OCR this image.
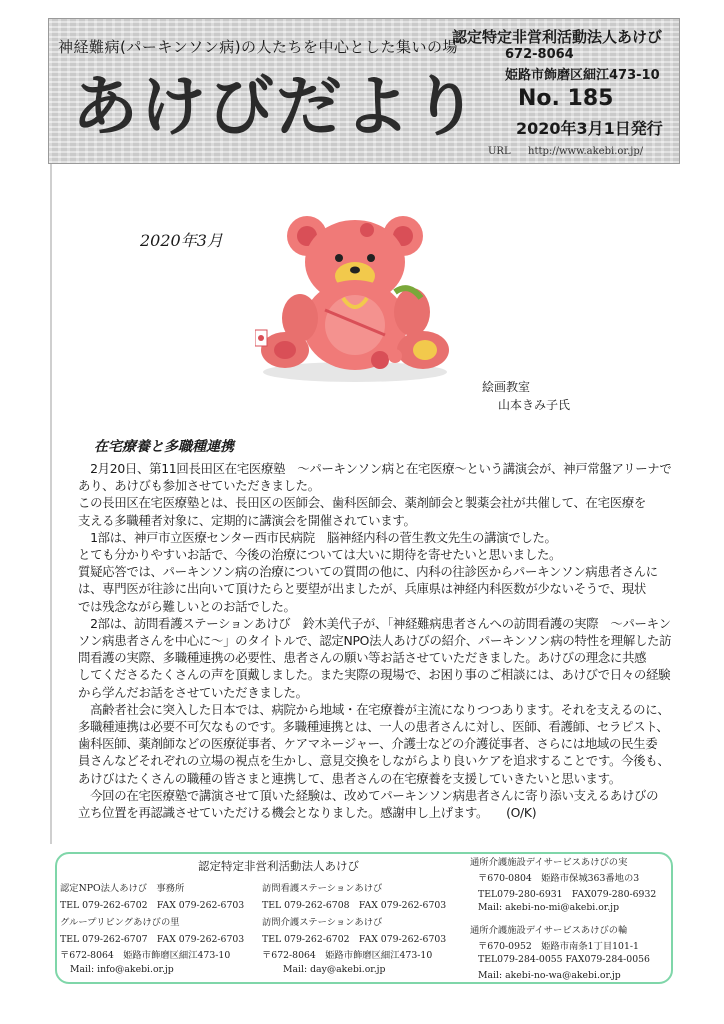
神経難病(パーキンソン病)の人たちを中心とした集いの場
認定特定非営利活動法人あけび
672-8064
姫路市飾磨区細江473-10
あけびだより No. 185
2020年3月1日発行
URL http://www.akebi.or.jp/
2020年3月
絵画教室
山本きみ子氏
在宅療養と多職種連携

　2月20日、第11回長田区在宅医療塾　～パーキンソン病と在宅医療～という講演会が、神戸常盤アリーナで

あり、あけびも参加させていただきました。

この長田区在宅医療塾とは、長田区の医師会、歯科医師会、薬剤師会と製薬会社が共催して、在宅医療を

支える多職種者対象に、定期的に講演会を開催されています。

　1部は、神戸市立医療センター西市民病院　脳神経内科の菅生教文先生の講演でした。

とても分かりやすいお話で、今後の治療については大いに期待を寄せたいと思いました。

質疑応答では、パーキンソン病の治療についての質問の他に、内科の往診医からパーキンソン病患者さんに

は、専門医が往診に出向いて頂けたらと要望が出ましたが、兵庫県は神経内科医数が少ないそうで、現状

では残念ながら難しいとのお話でした。

　2部は、訪問看護ステーションあけび　鈴木美代子が、「神経難病患者さんへの訪問看護の実際　～パーキン

ソン病患者さんを中心に～」のタイトルで、認定NPO法人あけびの紹介、パーキンソン病の特性を理解した訪

問看護の実際、多職種連携の必要性、患者さんの願い等お話させていただきました。あけびの理念に共感

してくださるたくさんの声を頂戴しました。また実際の現場で、お困り事のご相談には、あけびで日々の経験

から学んだお話をさせていただきました。

　高齢者社会に突入した日本では、病院から地域・在宅療養が主流になりつつあります。それを支えるのに、

多職種連携は必要不可欠なものです。多職種連携とは、一人の患者さんに対し、医師、看護師、セラピスト、

歯科医師、薬剤師などの医療従事者、ケアマネージャー、介護士などの介護従事者、さらには地域の民生委

員さんなどそれぞれの立場の視点を生かし、意見交換をしながらより良いケアを追求することです。今後も、

あけびはたくさんの職種の皆さまと連携して、患者さんの在宅療養を支援していきたいと思います。

　今回の在宅医療塾で講演させて頂いた経験は、改めてパーキンソン病患者さんに寄り添い支えるあけびの

立ち位置を再認識させていただける機会となりました。感謝申し上げます。　　(O/K)

認定特定非営利活動法人あけび
認定NPO法人あけび　事務所
TEL 079-262-6702　FAX 079-262-6703
グループリビングあけびの里
TEL 079-262-6707　FAX 079-262-6703
〒672-8064　姫路市飾磨区細江473-10
Mail: info@akebi.or.jp
訪問看護ステーションあけび
TEL 079-262-6708　FAX 079-262-6703
訪問介護ステーションあけび
TEL 079-262-6702　FAX 079-262-6703
〒672-8064　姫路市飾磨区細江473-10
Mail: day@akebi.or.jp
通所介護施設デイサービスあけびの実
〒670-0804　姫路市保城363番地の3
TEL079-280-6931　FAX079-280-6932
Mail: akebi-no-mi@akebi.or.jp
通所介護施設デイサービスあけびの輪
〒670-0952　姫路市南条1丁目101-1
TEL079-284-0055 FAX079-284-0056
Mail: akebi-no-wa@akebi.or.jp
